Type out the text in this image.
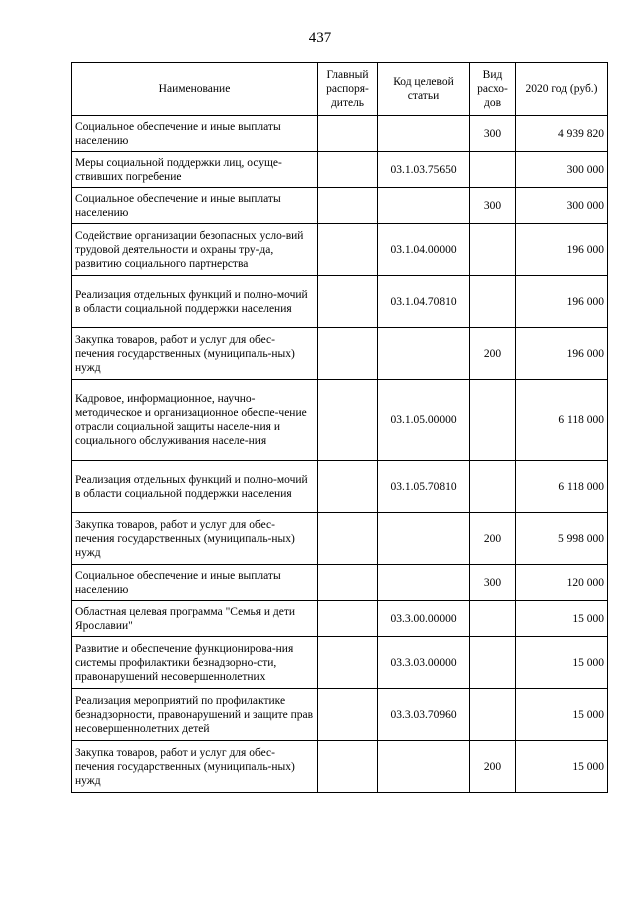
437
Наименование	Главный распоря-дитель	Код целевой статьи	Вид расхо-дов	2020 год (руб.)
Социальное обеспечение и иные выплаты населению			300	4 939 820
Меры социальной поддержки лиц, осуще-ствивших погребение		03.1.03.75650		300 000
Социальное обеспечение и иные выплаты населению			300	300 000
Содействие организации безопасных усло-вий трудовой деятельности и охраны тру-да, развитию социального партнерства		03.1.04.00000		196 000
Реализация отдельных функций и полно-мочий в области социальной поддержки населения		03.1.04.70810		196 000
Закупка товаров, работ и услуг для обес-печения государственных (муниципаль-ных) нужд			200	196 000
Кадровое, информационное, научно-методическое и организационное обеспе-чение отрасли социальной защиты населе-ния и социального обслуживания населе-ния		03.1.05.00000		6 118 000
Реализация отдельных функций и полно-мочий в области социальной поддержки населения		03.1.05.70810		6 118 000
Закупка товаров, работ и услуг для обес-печения государственных (муниципаль-ных) нужд			200	5 998 000
Социальное обеспечение и иные выплаты населению			300	120 000
Областная целевая программа "Семья и дети Ярославии"		03.3.00.00000		15 000
Развитие и обеспечение функционирова-ния системы профилактики безнадзорно-сти, правонарушений несовершеннолетних		03.3.03.00000		15 000
Реализация мероприятий по профилактике безнадзорности, правонарушений и защите прав несовершеннолетних детей		03.3.03.70960		15 000
Закупка товаров, работ и услуг для обес-печения государственных (муниципаль-ных) нужд			200	15 000
